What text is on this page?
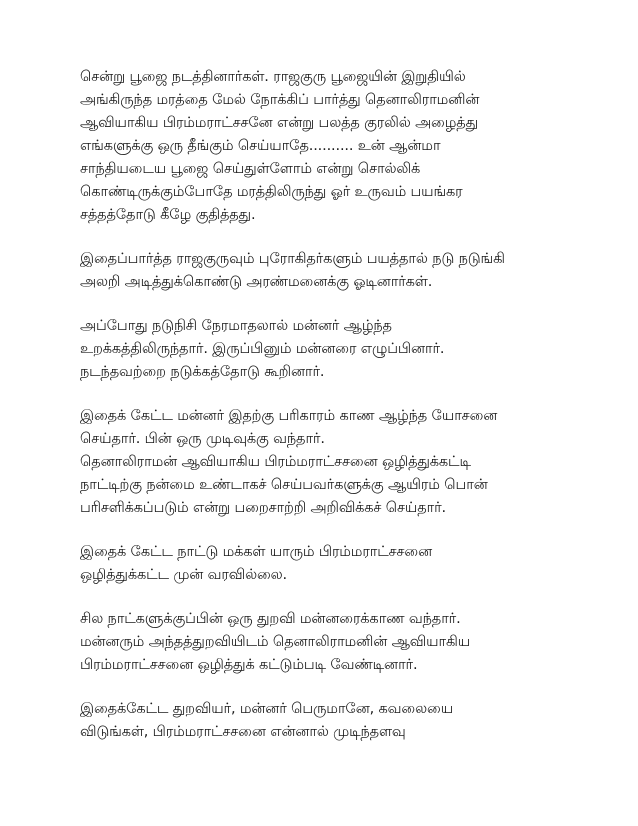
சென்று பூஜை நடத்தினார்கள். ராஜகுரு பூஜையின் இறுதியில்
அங்கிருந்த மரத்தை மேல் நோக்கிப் பார்த்து தெனாலிராமனின்
ஆவியாகிய பிரம்மராட்சசனே என்று பலத்த குரலில் அழைத்து
எங்களுக்கு ஒரு தீங்கும் செய்யாதே.......... உன் ஆன்மா
சாந்தியடைய பூஜை செய்துள்ளோம் என்று சொல்லிக்
கொண்டிருக்கும்போதே மரத்திலிருந்து ஓர் உருவம் பயங்கர
சத்தத்தோடு கீழே குதித்தது.
இதைப்பார்த்த ராஜகுருவும் புரோகிதர்களும் பயத்தால் நடு நடுங்கி
அலறி அடித்துக்கொண்டு அரண்மனைக்கு ஓடினார்கள்.
அப்போது நடுநிசி நேரமாதலால் மன்னர் ஆழ்ந்த
உறக்கத்திலிருந்தார். இருப்பினும் மன்னரை எழுப்பினார்.
நடந்தவற்றை நடுக்கத்தோடு கூறினார்.
இதைக் கேட்ட மன்னர் இதற்கு பரிகாரம் காண ஆழ்ந்த யோசனை
செய்தார். பின் ஒரு முடிவுக்கு வந்தார்.
தெனாலிராமன் ஆவியாகிய பிரம்மராட்சசனை ஒழித்துக்கட்டி
நாட்டிற்கு நன்மை உண்டாகச் செய்பவர்களுக்கு ஆயிரம் பொன்
பரிசளிக்கப்படும் என்று பறைசாற்றி அறிவிக்கச் செய்தார்.
இதைக் கேட்ட நாட்டு மக்கள் யாரும் பிரம்மராட்சசனை
ஒழித்துக்கட்ட முன் வரவில்லை.
சில நாட்களுக்குப்பின் ஒரு துறவி மன்னரைக்காண வந்தார்.
மன்னரும் அந்தத்துறவியிடம் தெனாலிராமனின் ஆவியாகிய
பிரம்மராட்சசனை ஒழித்துக் கட்டும்படி வேண்டினார்.
இதைக்கேட்ட துறவியர், மன்னர் பெருமானே, கவலையை
விடுங்கள், பிரம்மராட்சசனை என்னால் முடிந்தளவு
